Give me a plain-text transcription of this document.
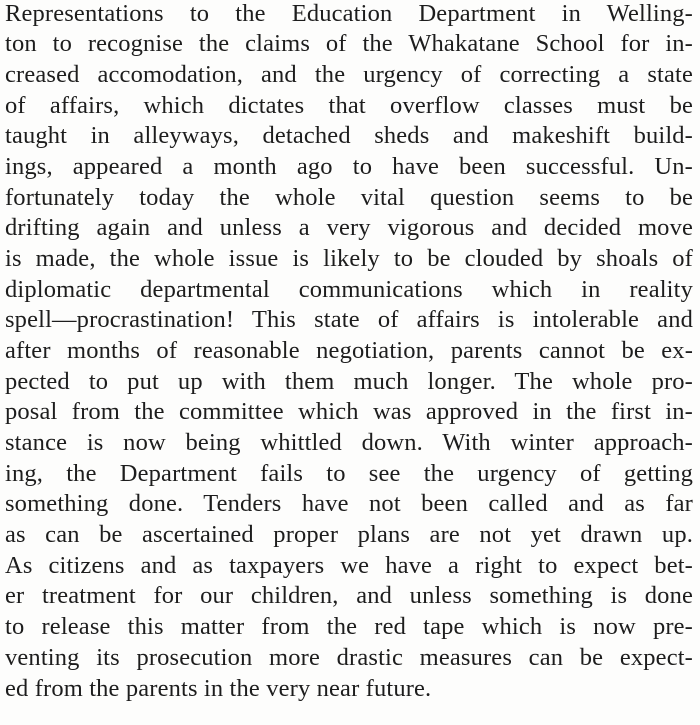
Representations to the Education Department in Welling-
ton to recognise the claims of the Whakatane School for in-
creased accomodation, and the urgency of correcting a state
of affairs, which dictates that overflow classes must be
taught in alleyways, detached sheds and makeshift build-
ings, appeared a month ago to have been successful. Un-
fortunately today the whole vital question seems to be
drifting again and unless a very vigorous and decided move
is made, the whole issue is likely to be clouded by shoals of
diplomatic departmental communications which in reality
spell—procrastination! This state of affairs is intolerable and
after months of reasonable negotiation, parents cannot be ex-
pected to put up with them much longer. The whole pro-
posal from the committee which was approved in the first in-
stance is now being whittled down. With winter approach-
ing, the Department fails to see the urgency of getting
something done. Tenders have not been called and as far
as can be ascertained proper plans are not yet drawn up.
As citizens and as taxpayers we have a right to expect bet-
er treatment for our children, and unless something is done
to release this matter from the red tape which is now pre-
venting its prosecution more drastic measures can be expect-
ed from the parents in the very near future.
